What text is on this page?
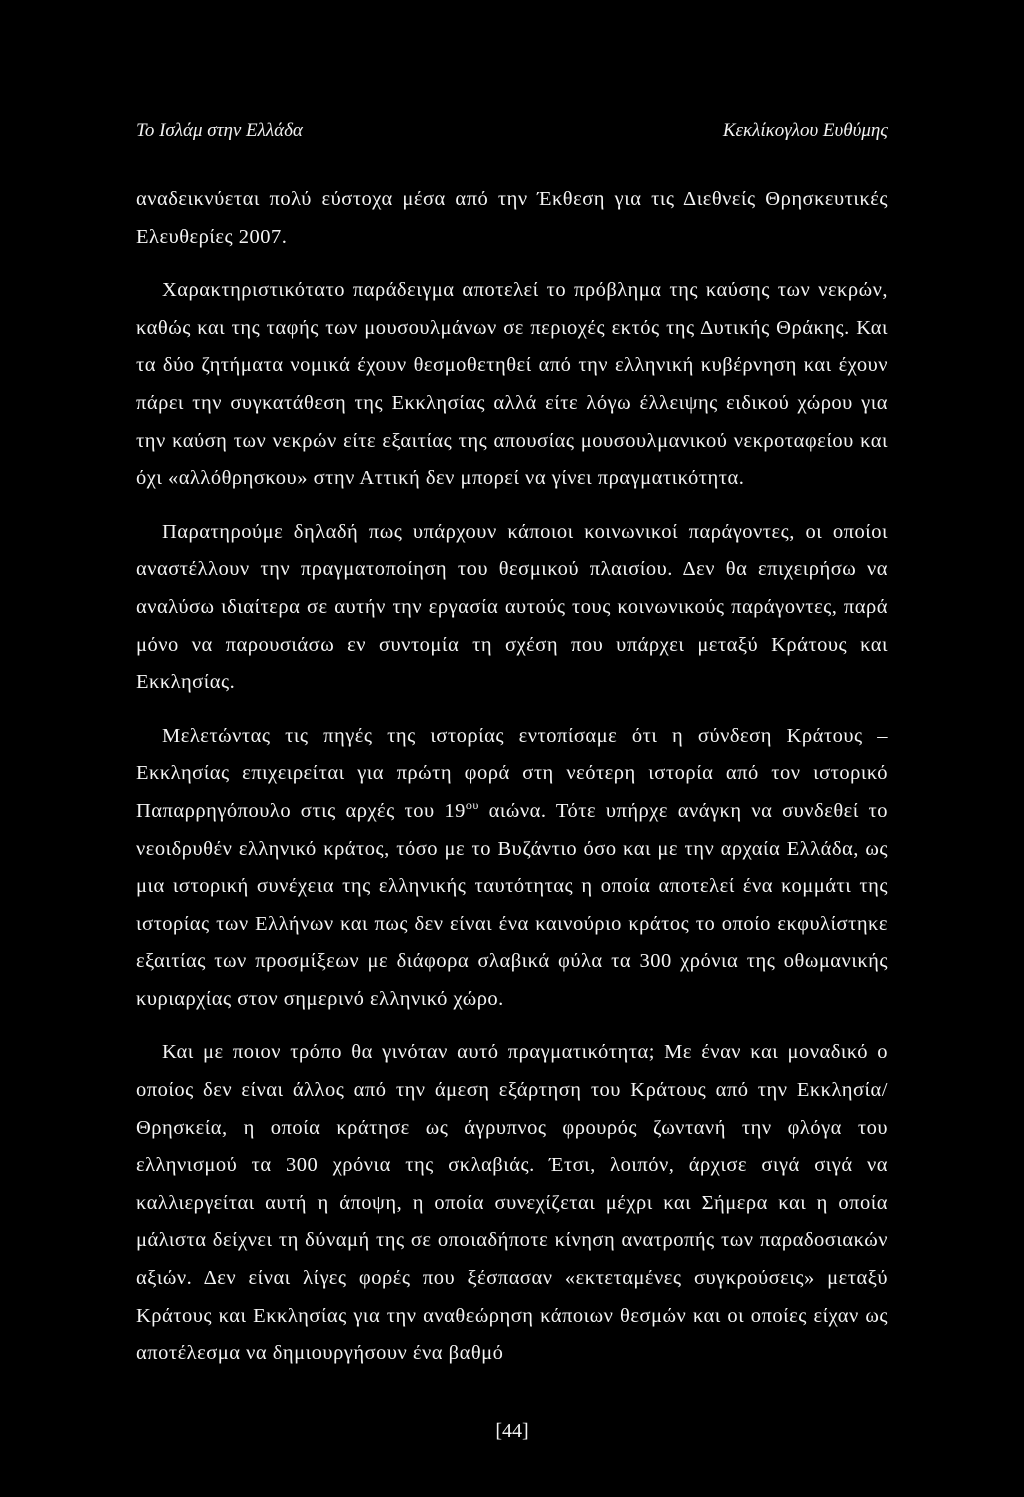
Το Ισλάμ στην Ελλάδα	Κεκλίκογλου Ευθύμης

αναδεικνύεται πολύ εύστοχα μέσα από την Έκθεση για τις Διεθνείς Θρησκευτικές Ελευθερίες 2007.

Χαρακτηριστικότατο παράδειγμα αποτελεί το πρόβλημα της καύσης των νεκρών, καθώς και της ταφής των μουσουλμάνων σε περιοχές εκτός της Δυτικής Θράκης. Και τα δύο ζητήματα νομικά έχουν θεσμοθετηθεί από την ελληνική κυβέρνηση και έχουν πάρει την συγκατάθεση της Εκκλησίας αλλά είτε λόγω έλλειψης ειδικού χώρου για την καύση των νεκρών είτε εξαιτίας της απουσίας μουσουλμανικού νεκροταφείου και όχι «αλλόθρησκου» στην Αττική δεν μπορεί να γίνει πραγματικότητα.

Παρατηρούμε δηλαδή πως υπάρχουν κάποιοι κοινωνικοί παράγοντες, οι οποίοι αναστέλλουν την πραγματοποίηση του θεσμικού πλαισίου. Δεν θα επιχειρήσω να αναλύσω ιδιαίτερα σε αυτήν την εργασία αυτούς τους κοινωνικούς παράγοντες, παρά μόνο να παρουσιάσω εν συντομία τη σχέση που υπάρχει μεταξύ Κράτους και Εκκλησίας.

Μελετώντας τις πηγές της ιστορίας εντοπίσαμε ότι η σύνδεση Κράτους – Εκκλησίας επιχειρείται για πρώτη φορά στη νεότερη ιστορία από τον ιστορικό Παπαρρηγόπουλο στις αρχές του $19^{o\upsilon}$ αιώνα. Τότε υπήρχε ανάγκη να συνδεθεί το νεοιδρυθέν ελληνικό κράτος, τόσο με το Βυζάντιο όσο και με την αρχαία Ελλάδα, ως μια ιστορική συνέχεια της ελληνικής ταυτότητας η οποία αποτελεί ένα κομμάτι της ιστορίας των Ελλήνων και πως δεν είναι ένα καινούριο κράτος το οποίο εκφυλίστηκε εξαιτίας των προσμίξεων με διάφορα σλαβικά φύλα τα 300 χρόνια της οθωμανικής κυριαρχίας στον σημερινό ελληνικό χώρο.

Και με ποιον τρόπο θα γινόταν αυτό πραγματικότητα; Με έναν και μοναδικό ο οποίος δεν είναι άλλος από την άμεση εξάρτηση του Κράτους από την Εκκλησία/Θρησκεία, η οποία κράτησε ως άγρυπνος φρουρός ζωντανή την φλόγα του ελληνισμού τα 300 χρόνια της σκλαβιάς. Έτσι, λοιπόν, άρχισε σιγά σιγά να καλλιεργείται αυτή η άποψη, η οποία συνεχίζεται μέχρι και Σήμερα και η οποία μάλιστα δείχνει τη δύναμή της σε οποιαδήποτε κίνηση ανατροπής των παραδοσιακών αξιών. Δεν είναι λίγες φορές που ξέσπασαν «εκτεταμένες συγκρούσεις» μεταξύ Κράτους και Εκκλησίας για την αναθεώρηση κάποιων θεσμών και οι οποίες είχαν ως αποτέλεσμα να δημιουργήσουν ένα βαθμό

[44]
